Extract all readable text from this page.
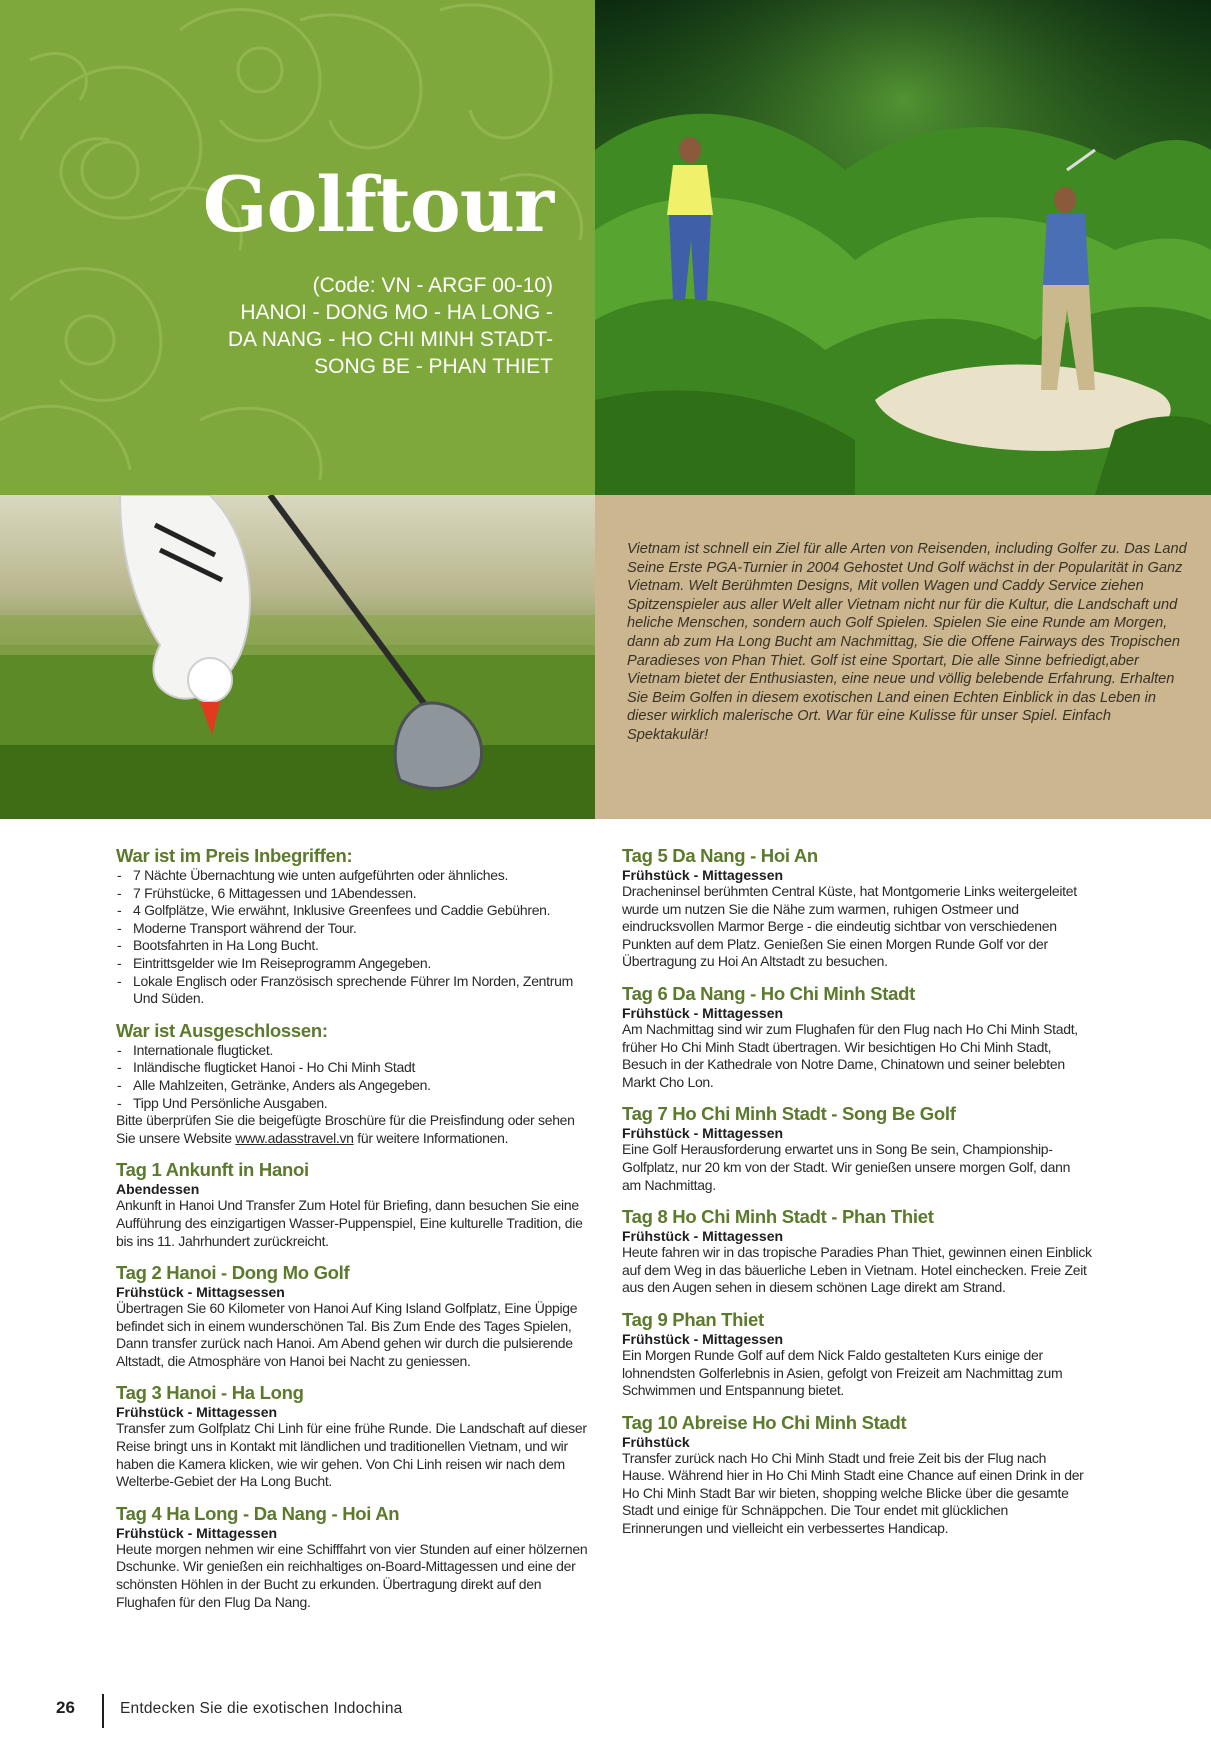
Golftour
(Code: VN - ARGF 00-10)
HANOI - DONG MO - HA LONG -
DA NANG - HO CHI MINH STADT-
SONG BE - PHAN THIET

Vietnam ist schnell ein Ziel für alle Arten von Reisenden, including Golfer zu. Das Land Seine Erste PGA-Turnier in 2004 Gehostet Und Golf wächst in der Popularität in Ganz Vietnam. Welt Berühmten Designs, Mit vollen Wagen und Caddy Service ziehen Spitzenspieler aus aller Welt aller Vietnam nicht nur für die Kultur, die Landschaft und heliche Menschen, sondern auch Golf Spielen. Spielen Sie eine Runde am Morgen, dann ab zum Ha Long Bucht am Nachmittag, Sie die Offene Fairways des Tropischen Paradieses von Phan Thiet. Golf ist eine Sportart, Die alle Sinne befriedigt,aber Vietnam bietet der Enthusiasten, eine neue und völlig belebende Erfahrung. Erhalten Sie Beim Golfen in diesem exotischen Land einen Echten Einblick in das Leben in dieser wirklich malerische Ort. War für eine Kulisse für unser Spiel. Einfach Spektakulär!

War ist im Preis Inbegriffen:
- 7 Nächte Übernachtung wie unten aufgeführten oder ähnliches.
- 7 Frühstücke, 6 Mittagessen und 1Abendessen.
- 4 Golfplätze, Wie erwähnt, Inklusive Greenfees und Caddie Gebühren.
- Moderne Transport während der Tour.
- Bootsfahrten in Ha Long Bucht.
- Eintrittsgelder wie Im Reiseprogramm Angegeben.
- Lokale Englisch oder Französisch sprechende Führer Im Norden, Zentrum Und Süden.
War ist Ausgeschlossen:
- Internationale flugticket.
- Inländische flugticket Hanoi - Ho Chi Minh Stadt
- Alle Mahlzeiten, Getränke, Anders als Angegeben.
- Tipp Und Persönliche Ausgaben.

Bitte überprüfen Sie die beigefügte Broschüre für die Preisfindung oder sehen Sie unsere Website www.adasstravel.vn für weitere Informationen.

Tag 1 Ankunft in Hanoi
Abendessen

Ankunft in Hanoi Und Transfer Zum Hotel für Briefing, dann besuchen Sie eine Aufführung des einzigartigen Wasser-Puppenspiel, Eine kulturelle Tradition, die bis ins 11. Jahrhundert zurückreicht.

Tag 2 Hanoi - Dong Mo Golf
Frühstück - Mittagsessen

Übertragen Sie 60 Kilometer von Hanoi Auf King Island Golfplatz, Eine Üppige befindet sich in einem wunderschönen Tal. Bis Zum Ende des Tages Spielen, Dann transfer zurück nach Hanoi. Am Abend gehen wir durch die pulsierende Altstadt, die Atmosphäre von Hanoi bei Nacht zu geniessen.

Tag 3 Hanoi - Ha Long
Frühstück - Mittagessen

Transfer zum Golfplatz Chi Linh für eine frühe Runde. Die Landschaft auf dieser Reise bringt uns in Kontakt mit ländlichen und traditionellen Vietnam, und wir haben die Kamera klicken, wie wir gehen. Von Chi Linh reisen wir nach dem Welterbe-Gebiet der Ha Long Bucht.

Tag 4 Ha Long - Da Nang - Hoi An
Frühstück - Mittagessen

Heute morgen nehmen wir eine Schifffahrt von vier Stunden auf einer hölzernen Dschunke. Wir genießen ein reichhaltiges on-Board-Mittagessen und eine der schönsten Höhlen in der Bucht zu erkunden. Übertragung direkt auf den Flughafen für den Flug Da Nang.

Tag 5 Da Nang - Hoi An
Frühstück - Mittagessen

Dracheninsel berühmten Central Küste, hat Montgomerie Links weitergeleitet wurde um nutzen Sie die Nähe zum warmen, ruhigen Ostmeer und eindrucksvollen Marmor Berge - die eindeutig sichtbar von verschiedenen Punkten auf dem Platz. Genießen Sie einen Morgen Runde Golf vor der Übertragung zu Hoi An Altstadt zu besuchen.

Tag 6 Da Nang - Ho Chi Minh Stadt
Frühstück - Mittagessen

Am Nachmittag sind wir zum Flughafen für den Flug nach Ho Chi Minh Stadt, früher Ho Chi Minh Stadt übertragen. Wir besichtigen Ho Chi Minh Stadt, Besuch in der Kathedrale von Notre Dame, Chinatown und seiner belebten Markt Cho Lon.

Tag 7 Ho Chi Minh Stadt - Song Be Golf
Frühstück - Mittagessen

Eine Golf Herausforderung erwartet uns in Song Be sein, Championship-Golfplatz, nur 20 km von der Stadt. Wir genießen unsere morgen Golf, dann am Nachmittag.

Tag 8 Ho Chi Minh Stadt - Phan Thiet
Frühstück - Mittagessen

Heute fahren wir in das tropische Paradies Phan Thiet, gewinnen einen Einblick auf dem Weg in das bäuerliche Leben in Vietnam. Hotel einchecken. Freie Zeit aus den Augen sehen in diesem schönen Lage direkt am Strand.

Tag 9 Phan Thiet
Frühstück - Mittagessen

Ein Morgen Runde Golf auf dem Nick Faldo gestalteten Kurs einige der lohnendsten Golferlebnis in Asien, gefolgt von Freizeit am Nachmittag zum Schwimmen und Entspannung bietet.

Tag 10 Abreise Ho Chi Minh Stadt
Frühstück

Transfer zurück nach Ho Chi Minh Stadt und freie Zeit bis der Flug nach Hause. Während hier in Ho Chi Minh Stadt eine Chance auf einen Drink in der Ho Chi Minh Stadt Bar wir bieten, shopping welche Blicke über die gesamte Stadt und einige für Schnäppchen. Die Tour endet mit glücklichen Erinnerungen und vielleicht ein verbessertes Handicap.

26	Entdecken Sie die exotischen Indochina
